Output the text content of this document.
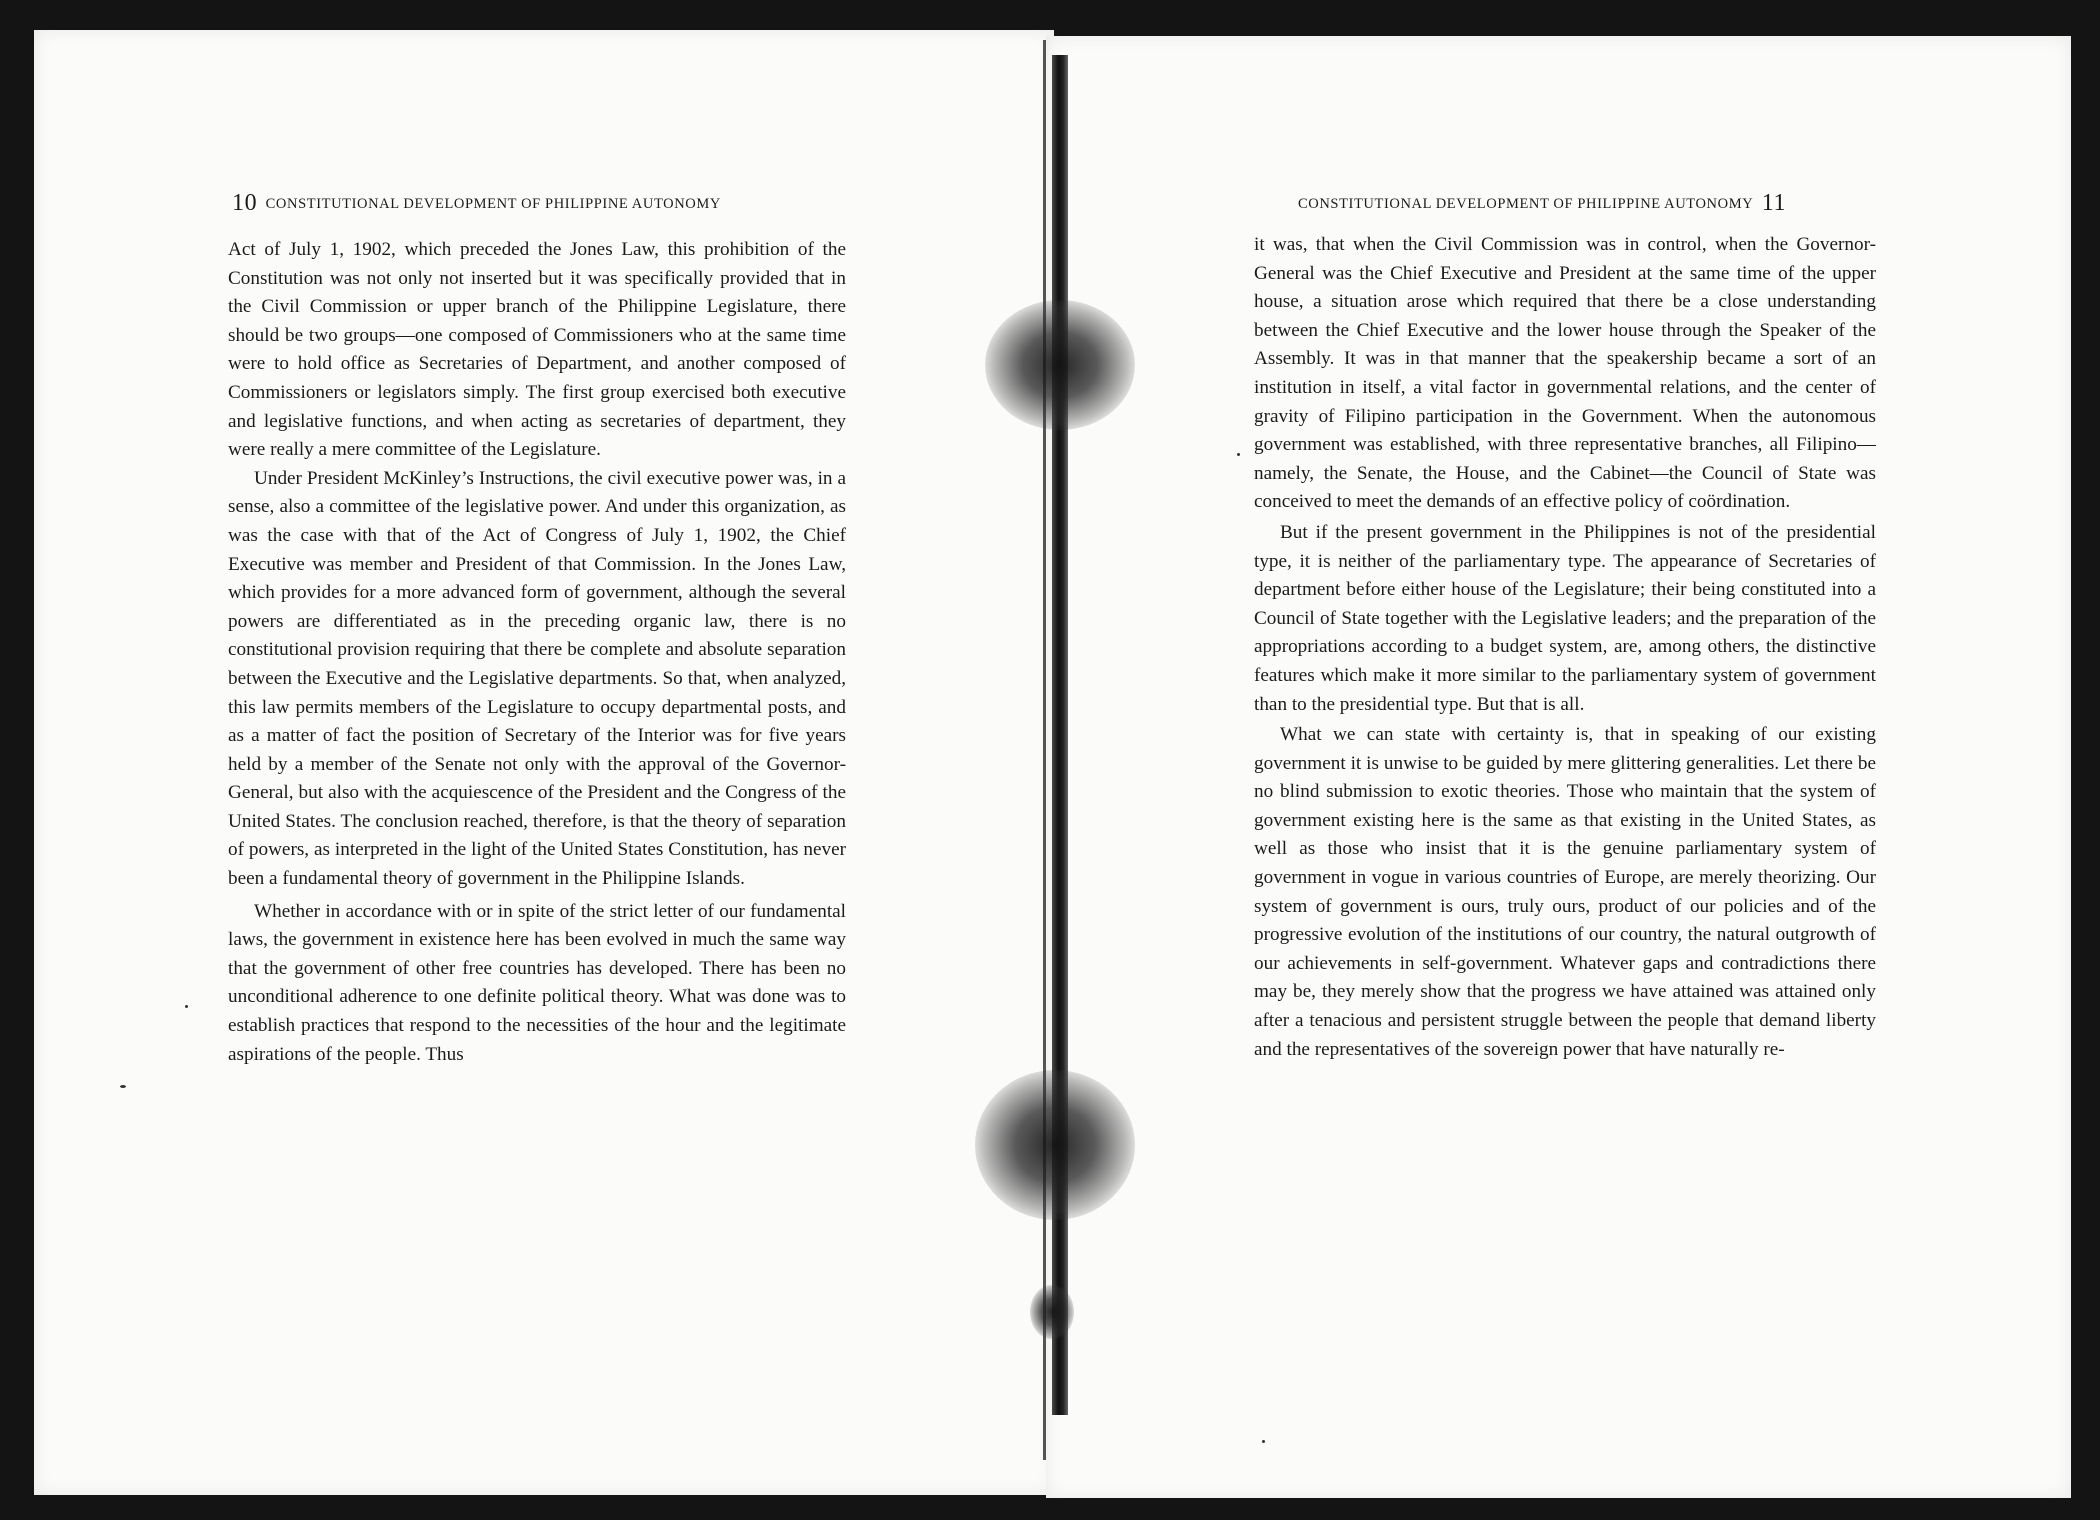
10 CONSTITUTIONAL DEVELOPMENT OF PHILIPPINE AUTONOMY

Act of July 1, 1902, which preceded the Jones Law, this prohibition of the Constitution was not only not inserted but it was specifically provided that in the Civil Commission or upper branch of the Philippine Legislature, there should be two groups—one composed of Commissioners who at the same time were to hold office as Secretaries of Department, and another composed of Commissioners or legislators simply. The first group exercised both executive and legislative functions, and when acting as secretaries of department, they were really a mere committee of the Legislature.

Under President McKinley’s Instructions, the civil executive power was, in a sense, also a committee of the legislative power. And under this organization, as was the case with that of the Act of Congress of July 1, 1902, the Chief Executive was member and President of that Commission. In the Jones Law, which provides for a more advanced form of government, although the several powers are differentiated as in the preceding organic law, there is no constitutional provision requiring that there be complete and absolute separation between the Executive and the Legislative departments. So that, when analyzed, this law permits members of the Legislature to occupy departmental posts, and as a matter of fact the position of Secretary of the Interior was for five years held by a member of the Senate not only with the approval of the Governor-General, but also with the acquiescence of the President and the Congress of the United States. The conclusion reached, therefore, is that the theory of separation of powers, as interpreted in the light of the United States Constitution, has never been a fundamental theory of government in the Philippine Islands.

Whether in accordance with or in spite of the strict letter of our fundamental laws, the government in existence here has been evolved in much the same way that the government of other free countries has developed. There has been no unconditional adherence to one definite political theory. What was done was to establish practices that respond to the necessities of the hour and the legitimate aspirations of the people. Thus

CONSTITUTIONAL DEVELOPMENT OF PHILIPPINE AUTONOMY 11

it was, that when the Civil Commission was in control, when the Governor-General was the Chief Executive and President at the same time of the upper house, a situation arose which required that there be a close understanding between the Chief Executive and the lower house through the Speaker of the Assembly. It was in that manner that the speakership became a sort of an institution in itself, a vital factor in governmental relations, and the center of gravity of Filipino participation in the Government. When the autonomous government was established, with three representative branches, all Filipino—namely, the Senate, the House, and the Cabinet—the Council of State was conceived to meet the demands of an effective policy of coördination.

But if the present government in the Philippines is not of the presidential type, it is neither of the parliamentary type. The appearance of Secretaries of department before either house of the Legislature; their being constituted into a Council of State together with the Legislative leaders; and the preparation of the appropriations according to a budget system, are, among others, the distinctive features which make it more similar to the parliamentary system of government than to the presidential type. But that is all.

What we can state with certainty is, that in speaking of our existing government it is unwise to be guided by mere glittering generalities. Let there be no blind submission to exotic theories. Those who maintain that the system of government existing here is the same as that existing in the United States, as well as those who insist that it is the genuine parliamentary system of government in vogue in various countries of Europe, are merely theorizing. Our system of government is ours, truly ours, product of our policies and of the progressive evolution of the institutions of our country, the natural outgrowth of our achievements in self-government. Whatever gaps and contradictions there may be, they merely show that the progress we have attained was attained only after a tenacious and persistent struggle between the people that demand liberty and the representatives of the sovereign power that have naturally re-
